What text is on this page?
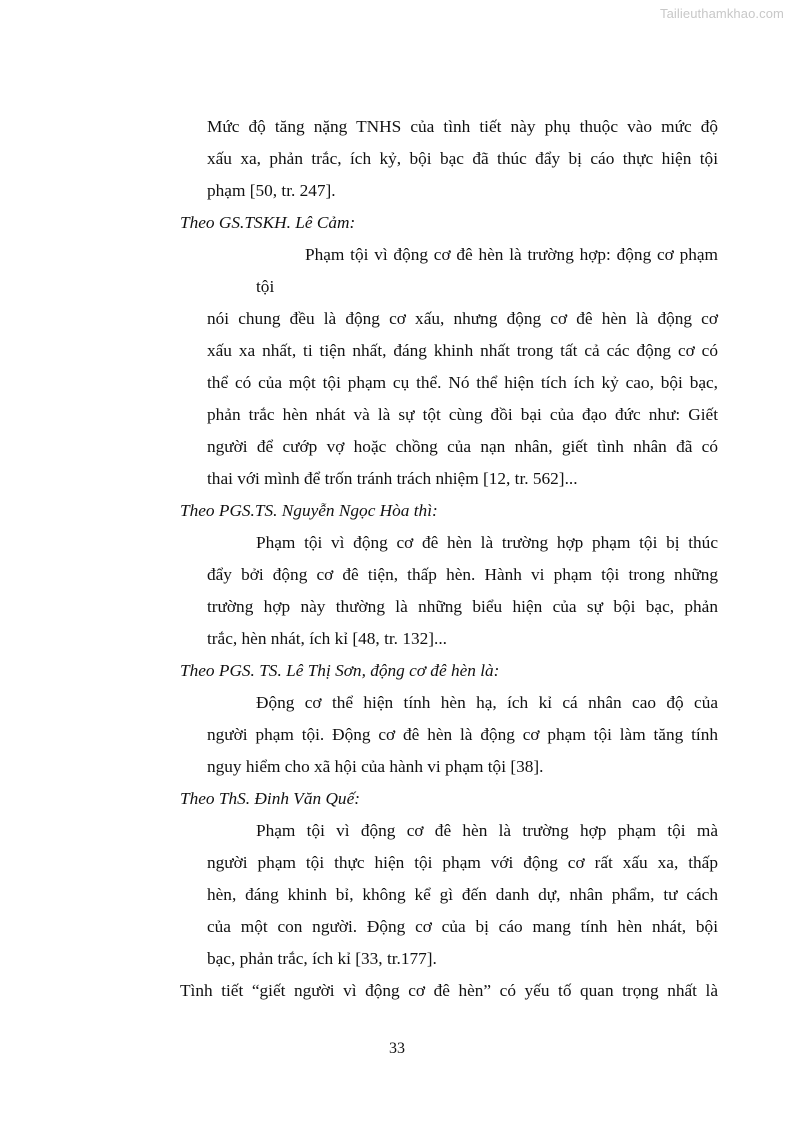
Tailieuthamkhao.com
Mức độ tăng nặng TNHS của tình tiết này phụ thuộc vào mức độ
xấu xa, phản trắc, ích kỷ, bội bạc đã thúc đẩy bị cáo thực hiện tội
phạm [50, tr. 247].

Theo GS.TSKH. Lê Cảm:

Phạm tội vì động cơ đê hèn là trường hợp: động cơ phạm tội
nói chung đều là động cơ xấu, nhưng động cơ đê hèn là động cơ
xấu xa nhất, ti tiện nhất, đáng khinh nhất trong tất cả các động cơ có
thể có của một tội phạm cụ thể. Nó thể hiện tích ích kỷ cao, bội bạc,
phản trắc hèn nhát và là sự tột cùng đồi bại của đạo đức như: Giết
người để cướp vợ hoặc chồng của nạn nhân, giết tình nhân đã có
thai với mình để trốn tránh trách nhiệm [12, tr. 562]...

Theo PGS.TS. Nguyễn Ngọc Hòa thì:

Phạm tội vì động cơ đê hèn là trường hợp phạm tội bị thúc
đẩy bởi động cơ đê tiện, thấp hèn. Hành vi phạm tội trong những
trường hợp này thường là những biểu hiện của sự bội bạc, phản
trắc, hèn nhát, ích kỉ [48, tr. 132]...

Theo PGS. TS. Lê Thị Sơn, động cơ đê hèn là:

Động cơ thể hiện tính hèn hạ, ích kỉ cá nhân cao độ của
người phạm tội. Động cơ đê hèn là động cơ phạm tội làm tăng tính
nguy hiểm cho xã hội của hành vi phạm tội [38].

Theo ThS. Đinh Văn Quế:

Phạm tội vì động cơ đê hèn là trường hợp phạm tội mà
người phạm tội thực hiện tội phạm với động cơ rất xấu xa, thấp
hèn, đáng khinh bỉ, không kể gì đến danh dự, nhân phẩm, tư cách
của một con người. Động cơ của bị cáo mang tính hèn nhát, bội
bạc, phản trắc, ích kỉ [33, tr.177].
Tình tiết “giết người vì động cơ đê hèn” có yếu tố quan trọng nhất là
33
